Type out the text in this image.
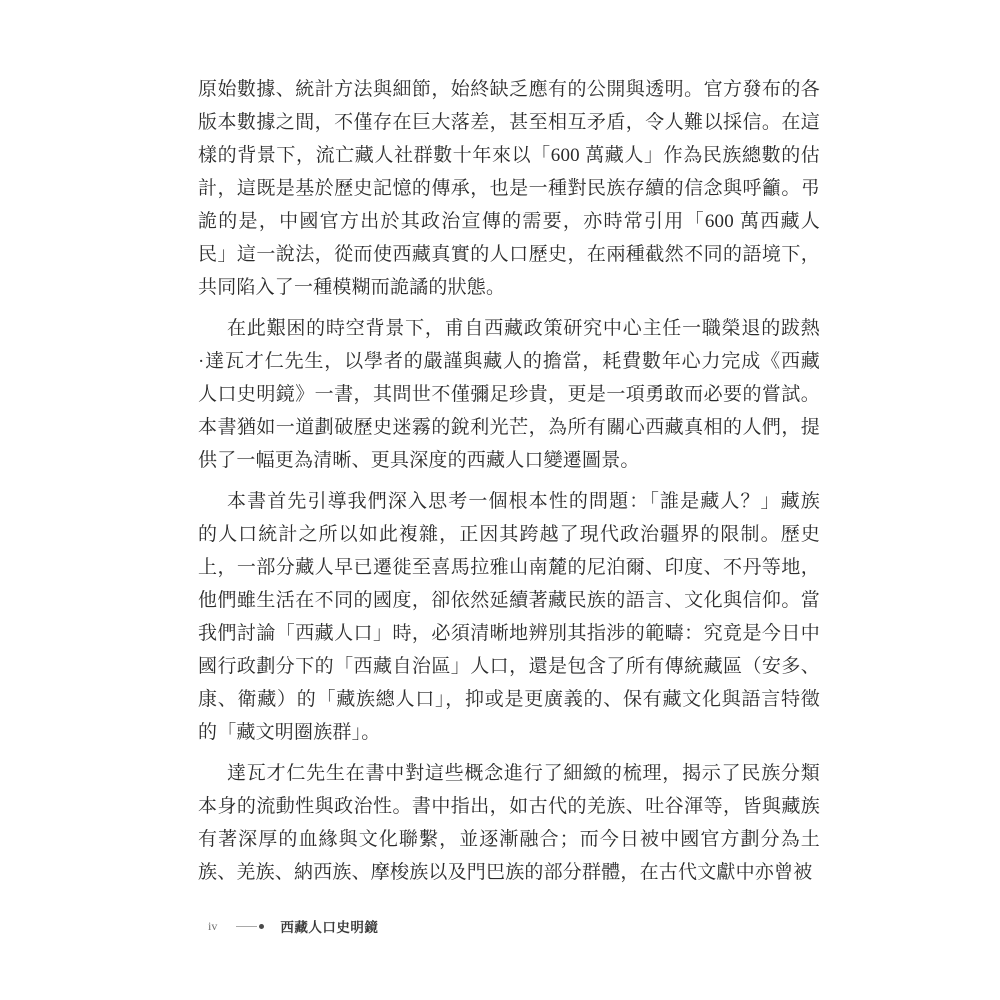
原始數據、統計方法與細節，始終缺乏應有的公開與透明。官方發布的各
版本數據之間，不僅存在巨大落差，甚至相互矛盾，令人難以採信。在這
樣的背景下，流亡藏人社群數十年來以「600 萬藏人」作為民族總數的估
計，這既是基於歷史記憶的傳承，也是一種對民族存續的信念與呼籲。弔
詭的是，中國官方出於其政治宣傳的需要，亦時常引用「600 萬西藏人
民」這一說法，從而使西藏真實的人口歷史，在兩種截然不同的語境下，
共同陷入了一種模糊而詭譎的狀態。
在此艱困的時空背景下，甫自西藏政策研究中心主任一職榮退的跋熱
·達瓦才仁先生，以學者的嚴謹與藏人的擔當，耗費數年心力完成《西藏
人口史明鏡》一書，其問世不僅彌足珍貴，更是一項勇敢而必要的嘗試。
本書猶如一道劃破歷史迷霧的銳利光芒，為所有關心西藏真相的人們，提
供了一幅更為清晰、更具深度的西藏人口變遷圖景。
本書首先引導我們深入思考一個根本性的問題：「誰是藏人？」藏族
的人口統計之所以如此複雜，正因其跨越了現代政治疆界的限制。歷史
上，一部分藏人早已遷徙至喜馬拉雅山南麓的尼泊爾、印度、不丹等地，
他們雖生活在不同的國度，卻依然延續著藏民族的語言、文化與信仰。當
我們討論「西藏人口」時，必須清晰地辨別其指涉的範疇：究竟是今日中
國行政劃分下的「西藏自治區」人口，還是包含了所有傳統藏區（安多、
康、衛藏）的「藏族總人口」，抑或是更廣義的、保有藏文化與語言特徵
的「藏文明圈族群」。
達瓦才仁先生在書中對這些概念進行了細緻的梳理，揭示了民族分類
本身的流動性與政治性。書中指出，如古代的羌族、吐谷渾等，皆與藏族
有著深厚的血緣與文化聯繫，並逐漸融合；而今日被中國官方劃分為土
族、羌族、納西族、摩梭族以及門巴族的部分群體，在古代文獻中亦曾被
iv	西藏人口史明鏡
